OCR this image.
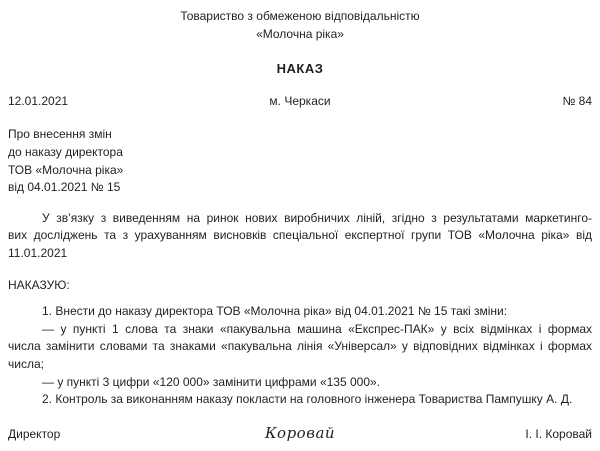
Товариство з обмеженою відповідальністю
«Молочна ріка»
НАКАЗ
12.01.2021	м. Черкаси	№ 84
Про внесення змін
до наказу директора
ТОВ «Молочна ріка»
від 04.01.2021 № 15
У зв’язку з виведенням на ринок нових виробничих ліній, згідно з результатами маркетинго-
вих досліджень та з урахуванням висновків спеціальної експертної групи ТОВ «Молочна ріка» від
11.01.2021
НАКАЗУЮ:
1. Внести до наказу директора ТОВ «Молочна ріка» від 04.01.2021 № 15 такі зміни:
— у пункті 1 слова та знаки «пакувальна машина «Експрес-ПАК» у всіх відмінках і формах
числа замінити словами та знаками «пакувальна лінія «Універсал» у відповідних відмінках і формах
числа;
— у пункті 3 цифри «120 000» замінити цифрами «135 000».
2. Контроль за виконанням наказу покласти на головного інженера Товариства Пампушку А. Д.
Директор	Коровай	І. І. Коровай
